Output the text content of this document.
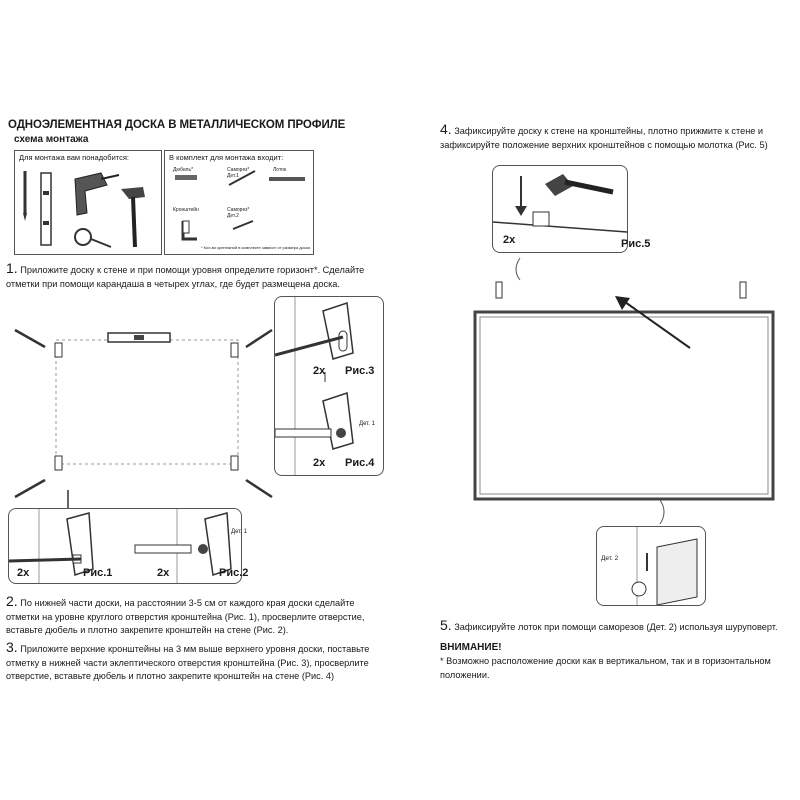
ОДНОЭЛЕМЕНТНАЯ ДОСКА В МЕТАЛЛИЧЕСКОМ ПРОФИЛЕ
схема монтажа
Для монтажа вам понадобится:	В комплект для монтажа входит:
Дюбель*	Саморез*
Дет.1
Лоток
Кронштейн	Саморез*
Дет.2
* Кол-во крепежной в комплекте зависит от размера доски.
1. Приложите доску к стене и при помощи уровня определите горизонт*. Сделайте отметки при помощи карандаша в четырех углах, где будет размещена доска.
2x Рис.3
Дет. 1
2x Рис.4
2x	Рис.1	2x	Рис.2
Дет. 1
2. По нижней части доски, на расстоянии 3-5 см от каждого края доски сделайте отметки на уровне круглого отверстия кронштейна (Рис. 1), просверлите отверстие, вставьте дюбель и плотно закрепите кронштейн на стене (Рис. 2).
3. Приложите верхние кронштейны на 3 мм выше верхнего уровня доски, поставьте отметку в нижней части эклептического отверстия кронштейна (Рис. 3), просверлите отверстие, вставьте дюбель и плотно закрепите кронштейн на стене (Рис. 4)
4. Зафиксируйте доску к стене на кронштейны, плотно прижмите к стене и зафиксируйте положение верхних кронштейнов с помощью молотка (Рис. 5)
2x	Рис.5
Дет. 2
5. Зафиксируйте лоток при помощи саморезов (Дет. 2) используя шуруповерт.
ВНИМАНИЕ!
* Возможно расположение доски как в вертикальном, так и в горизонтальном положении.
